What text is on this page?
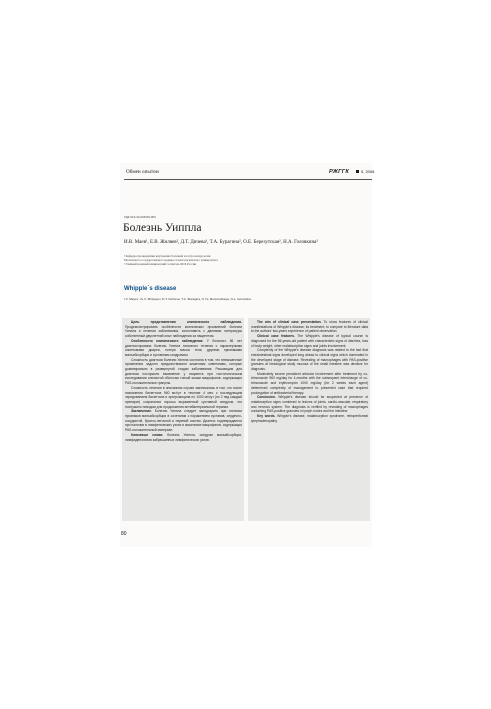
Обмен опытом	РЖГГК	5, 2008
УДК 616.34-008.89-053
Болезнь Уиппла
И.В. Маев¹, Е.В. Жиляев², Д.Т. Дичева¹, Т.А. Бурагина², О.Е. Березутская², Н.А. Головкина²
¹ Кафедра пропедевтики внутренних болезней и гастроэнтерологии
Московского государственного медико-стоматологического университета
² Главный военный клинический госпиталь ФСБ России
Whipple`s disease
I.V. Mayev, Ye.V. Zhilyayev, D.T. Dicheva, T.A. Buragina, O.Ye. Berezutskaya, N.L. Golovkina

Цель представления клинического наблюдения. Продемонстрировать особенности клинических проявлений болезни Уиппла и лечения заболевания, сопоставить с данными литературы собственный двухлетний опыт наблюдения за пациентом.

Особенности клинического наблюдения. У больного 56 лет диагностирована болезнь Уиппла типичного течения с характерными симптомами диареи, потери массы тела, другими признаками мальабсорбции и суставным синдромом.

Сложность диагноза болезни Уиппла состояла в том, что внекишечные проявления задолго предшествовали кишечным симптомам, которые доминировали в развернутой стадии заболевания. Решающим для диагноза послужило выявление у пациента при гистологическом исследовании слизистой оболочки тонкой кишки макрофагов, содержащих PAS-положительные гранулы.

Сложность лечения в описанном случае заключалась в том, что после назначения бисептола 960 мг/сут в течение 4 мес с последующим чередованием бисептола и эритромицина по 1000 мг/сут (по 2 нед каждый препарат) сохранялся хорошо выраженный суставной синдром, что послужило поводом для продолжения антибактериальной терапии.

Заключение. Болезнь Уиппла следует заподозрить при наличии признаков мальабсорбции в сочетании с поражением суставов, сердечно-сосудистой, бронхо-легочной и нервной систем. Диагноз подтверждается при наличии в лимфатических узлах и кишечнике макрофагов, содержащих PAS-положительный материал.

Ключевые слова: болезнь Уиппла, синдром мальабсорбции, лимфаденопатия забрюшинных лимфатических узлов.

The aim of clinical case presentation. To show features of clinical manifestations of Whipple's disease, its treatment; to compare to literature data to the authors' two-years experience of patient observation.

Clinical case features. The Whipple's disease of typical course is diagnosed for the 56-years-old patient with characteristic signs of diarrhea, loss of body weight, other malabsorption signs and joints involvement.

Complexity of the Whipple's disease diagnosis was related to the fact that extraintestinal signs developed long ahead to clinical signs which dominated in the developed stage of disease. Revealing of macrophages with PAS-positive granules at histological study mucosa of the small intestine was decisive for diagnosis.

Moderately severe persistent articular involvement after treatment by co-trimoxazole 960 mg/day for 4-months with the subsequent interchange of co-trimoxazole and erythromycin 1000 mg/day (for 2 weeks each agent) determined complexity of management to presented case that required prolongation of antibacterial therapy.

Conclusion. Whipple's disease should be suspected at presence of malabsorption signs combined to lesions of joints, cardio-vascular, respiratory and nervous system. The diagnosis is verified by revealing of macrophages containing PAS-positive granules in lymph nodes and the intestine.

Key words. Whipple's disease, malabsorption syndrome, retroperitoneal lymphadenopathy.

80
